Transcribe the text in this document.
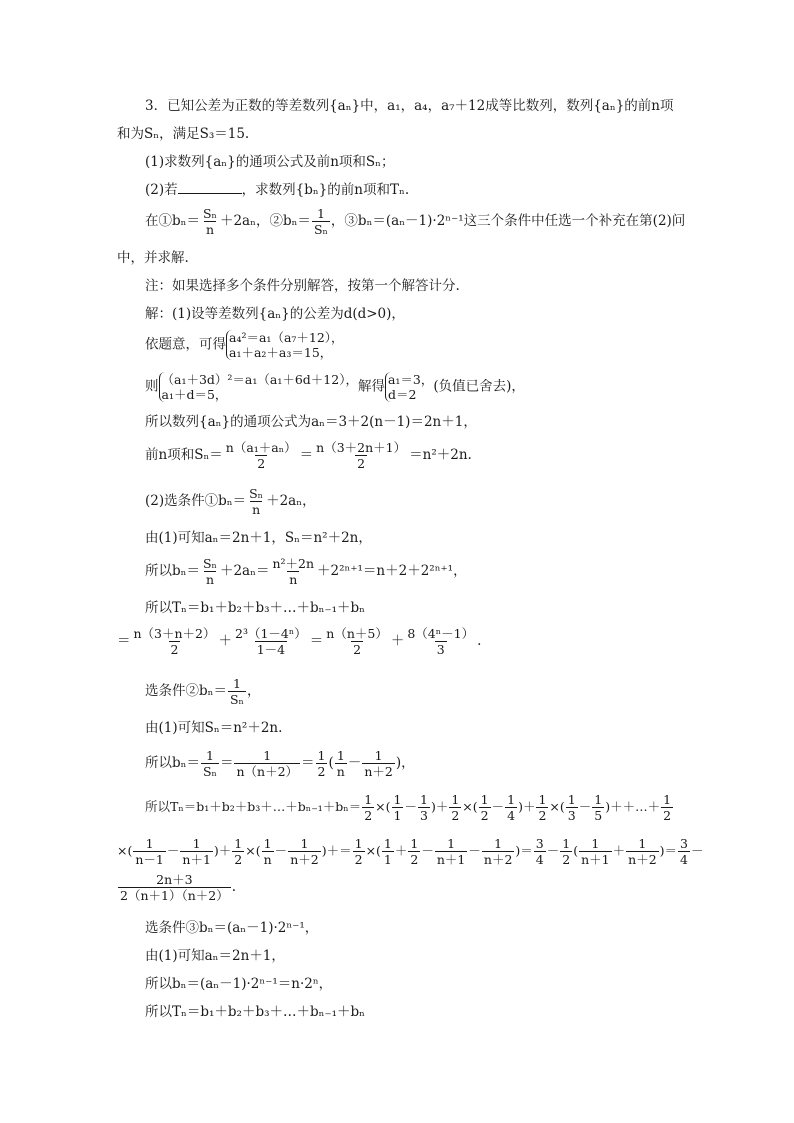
3．已知公差为正数的等差数列{aₙ}中，a₁，a₄，a₇＋12成等比数列，数列{aₙ}的前n项
和为Sₙ，满足S₃＝15.
(1)求数列{aₙ}的通项公式及前n项和Sₙ；
(2)若	，求数列{bₙ}的前n项和Tₙ.
在①bₙ＝ $\frac{\text{Sₙ}}{n} +2a_n$，②bₙ＝ $\frac{1}{\text{Sₙ}}$ ，③bₙ＝(aₙ－1)·2ⁿ⁻¹这三个条件中任选一个补充在第(2)问
中，并求解.
注：如果选择多个条件分别解答，按第一个解答计分.
解：(1)设等差数列{aₙ}的公差为d(d>0)，
依题意，可得 a₄²＝a₁（a₇＋12），
a₁＋a₂＋a₃＝15，
则 （a₁＋3d）²＝a₁（a₁＋6d＋12），
a₁＋d＝5，	解得 a₁＝3，
d＝2	(负值已舍去)，
所以数列{aₙ}的通项公式为aₙ＝3＋2(n－1)＝2n＋1，
前n项和$S_n= \frac{\text{n（a₁＋aₙ）}}{2} = \frac{n(3+2n+1)}{2} =n^2+2n$.
(2)选条件①bₙ＝ $\frac{\text{Sₙ}}{n} +2a_n$，
由(1)可知aₙ＝2n＋1，Sₙ＝n²＋2n，
所以$b_n= \frac{\text{Sₙ}}{n} +2a_n= \frac{\text{n²＋2n}}{n} +2^{2n+1}=n+2+2^{2n+1}$，
所以Tₙ＝b₁＋b₂＋b₃＋…＋bₙ₋₁＋bₙ
＝ $\frac{n(3+n+2)}{2} + \frac{\text{2³（1－4ⁿ）}}{1-4} = \frac{n(n+5)}{2} + \frac{\text{8（4ⁿ－1）}}{3}$ .
选条件②bₙ＝ $\frac{1}{\text{Sₙ}}$ ，
由(1)可知Sₙ＝n²＋2n.
所以$b_n= \frac{1}{\text{Sₙ}} = \frac{1}{n(n+2)} = \frac{1}{2}$ ( $\frac{1}{n} - \frac{1}{n+2}$ )，
所以Tₙ＝b₁＋b₂＋b₃＋…＋bₙ₋₁＋bₙ＝ $\frac{1}{2}$ ×( $\frac{1}{1} - \frac{1}{3}$ )＋ $\frac{1}{2}$ ×( $\frac{1}{2} - \frac{1}{4}$ )＋ $\frac{1}{2}$ ×( $\frac{1}{3} - \frac{1}{5}$ )＋＋…＋ $\frac{1}{2}$
×( $\frac{1}{n-1} - \frac{1}{n+1}$ )＋ $\frac{1}{2}$ ×( $\frac{1}{n} - \frac{1}{n+2}$ )＋＝ $\frac{1}{2}$ ×( $\frac{1}{1} + \frac{1}{2} - \frac{1}{n+1} - \frac{1}{n+2}$ )＝ $\frac{3}{4} - \frac{1}{2}$ ( $\frac{1}{n+1} + \frac{1}{n+2}$ )＝ $\frac{3}{4}$ －
$\frac{2n+3}{2(n+1)(n+2)}$ .
选条件③bₙ＝(aₙ－1)·2ⁿ⁻¹，
由(1)可知aₙ＝2n＋1，
所以bₙ＝(aₙ－1)·2ⁿ⁻¹＝n·2ⁿ，
所以Tₙ＝b₁＋b₂＋b₃＋…＋bₙ₋₁＋bₙ
